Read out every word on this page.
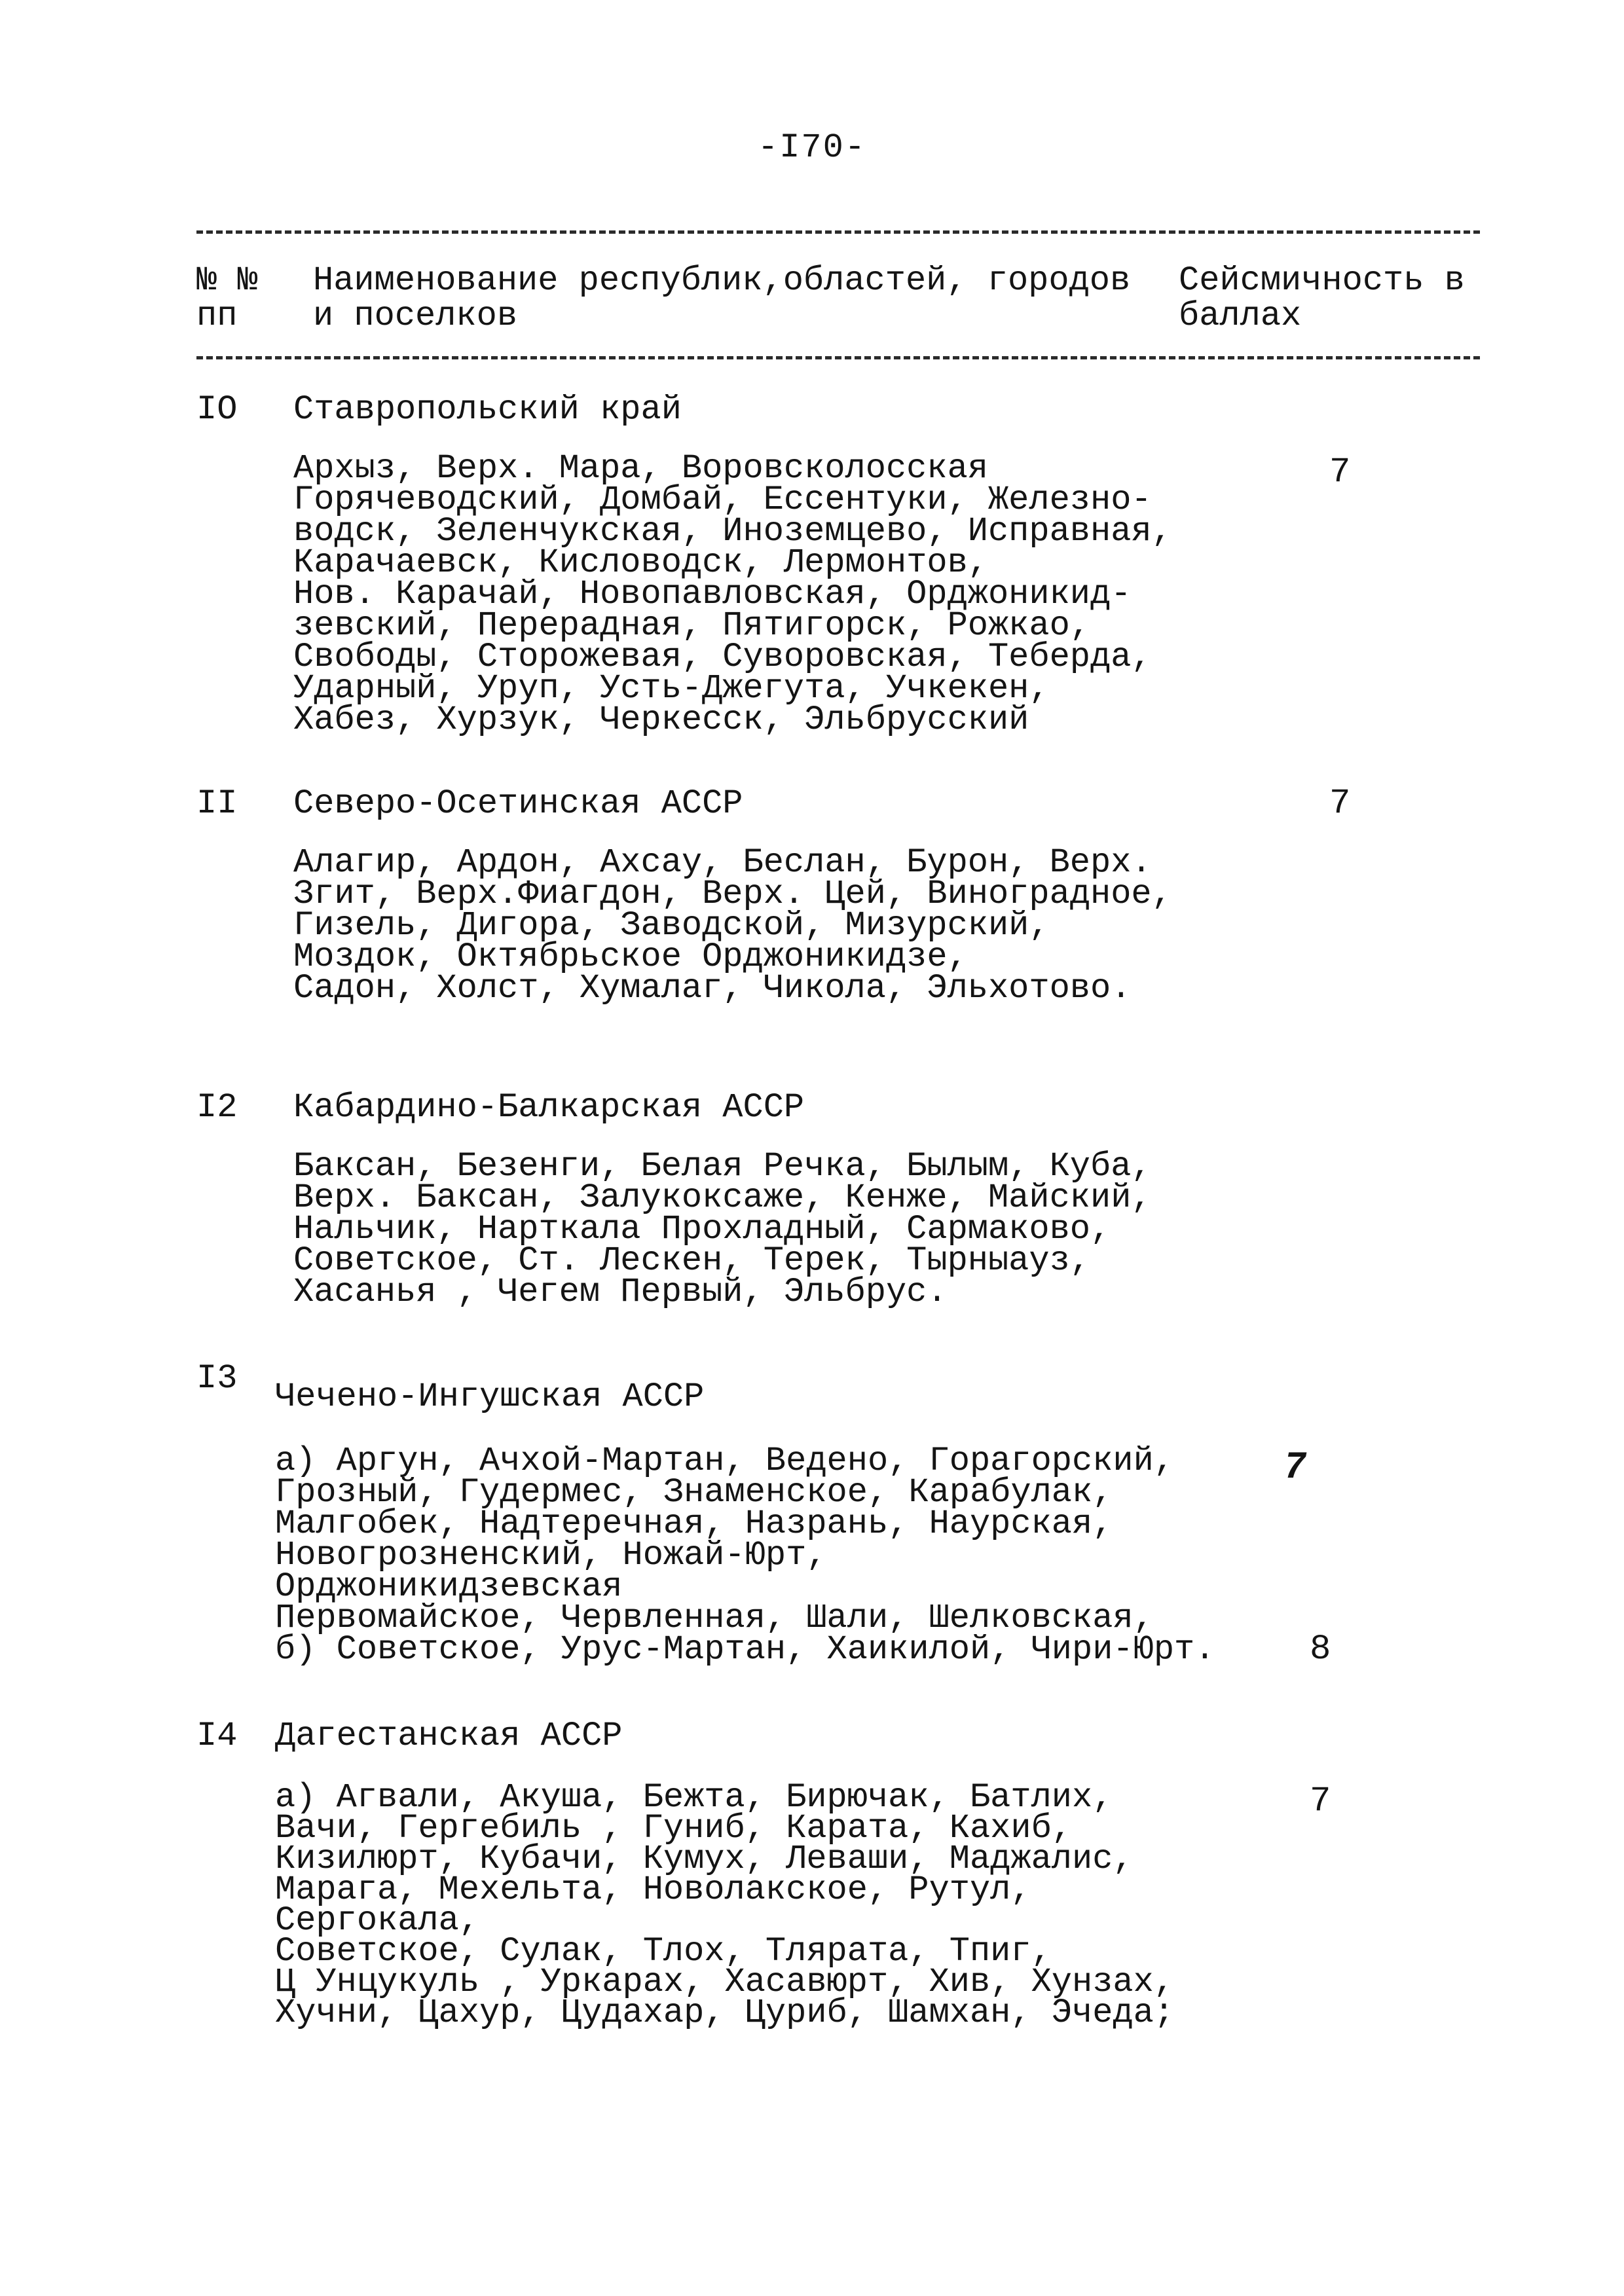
-I70-
№ №
пп
Наименование республик,областей, городов
и поселков
Сейсмичность в
баллах
IO Ставропольский край
Архыз, Верх. Мара, Воровсколосская
Горячеводский, Домбай, Ессентуки, Железно-
водск, Зеленчукская, Иноземцево, Исправная,
Карачаевск, Кисловодск, Лермонтов,
Нов. Карачай, Новопавловская, Орджоникид-
зевский, Перерадная, Пятигорск, Рожкао,
Свободы, Сторожевая, Суворовская, Теберда,
Ударный, Уруп, Усть-Джегута, Учкекен,
Хабез, Хурзук, Черкесск, Эльбрусский
7
II Северо-Осетинская АССР	7
Алагир, Ардон, Ахсау, Беслан, Бурон, Верх.
Згит, Верх.Фиагдон, Верх. Цей, Виноградное,
Гизель, Дигора, Заводской, Мизурский,
Моздок, Октябрьское Орджоникидзе,
Садон, Холст, Хумалаг, Чикола, Эльхотово.
I2 Кабардино-Балкарская АССР
Баксан, Безенги, Белая Речка, Былым, Куба,
Верх. Баксан, Залукоксаже, Кенже, Майский,
Нальчик, Нарткала Прохладный, Сармаково,
Советское, Ст. Лескен, Терек, Тырныауз,
Хасанья , Чегем Первый, Эльбрус.
I3 Чечено-Ингушская АССР
а) Аргун, Ачхой-Мартан, Ведено, Горагорский,
Грозный, Гудермес, Знаменское, Карабулак,
Малгобек, Надтеречная, Назрань, Наурская,
Новогрозненский, Ножай-Юрт, Орджоникидзевская
Первомайское, Червленная, Шали, Шелковская,
7
б) Советское, Урус-Мартан, Хаикилой, Чири-Юрт.	8
I4 Дагестанская АССР
а) Агвали, Акуша, Бежта, Бирючак, Батлих,
Вачи, Гергебиль , Гуниб, Карата, Кахиб,
Кизилюрт, Кубачи, Кумух, Леваши, Маджалис,
Марага, Мехельта, Новолакское, Рутул, Сергокала,
Советское, Сулак, Тлох, Тлярата, Тпиг,
Ц Унцукуль , Уркарах, Хасавюрт, Хив, Хунзах,
Хучни, Цахур, Цудахар, Цуриб, Шамхан, Эчеда;
7
